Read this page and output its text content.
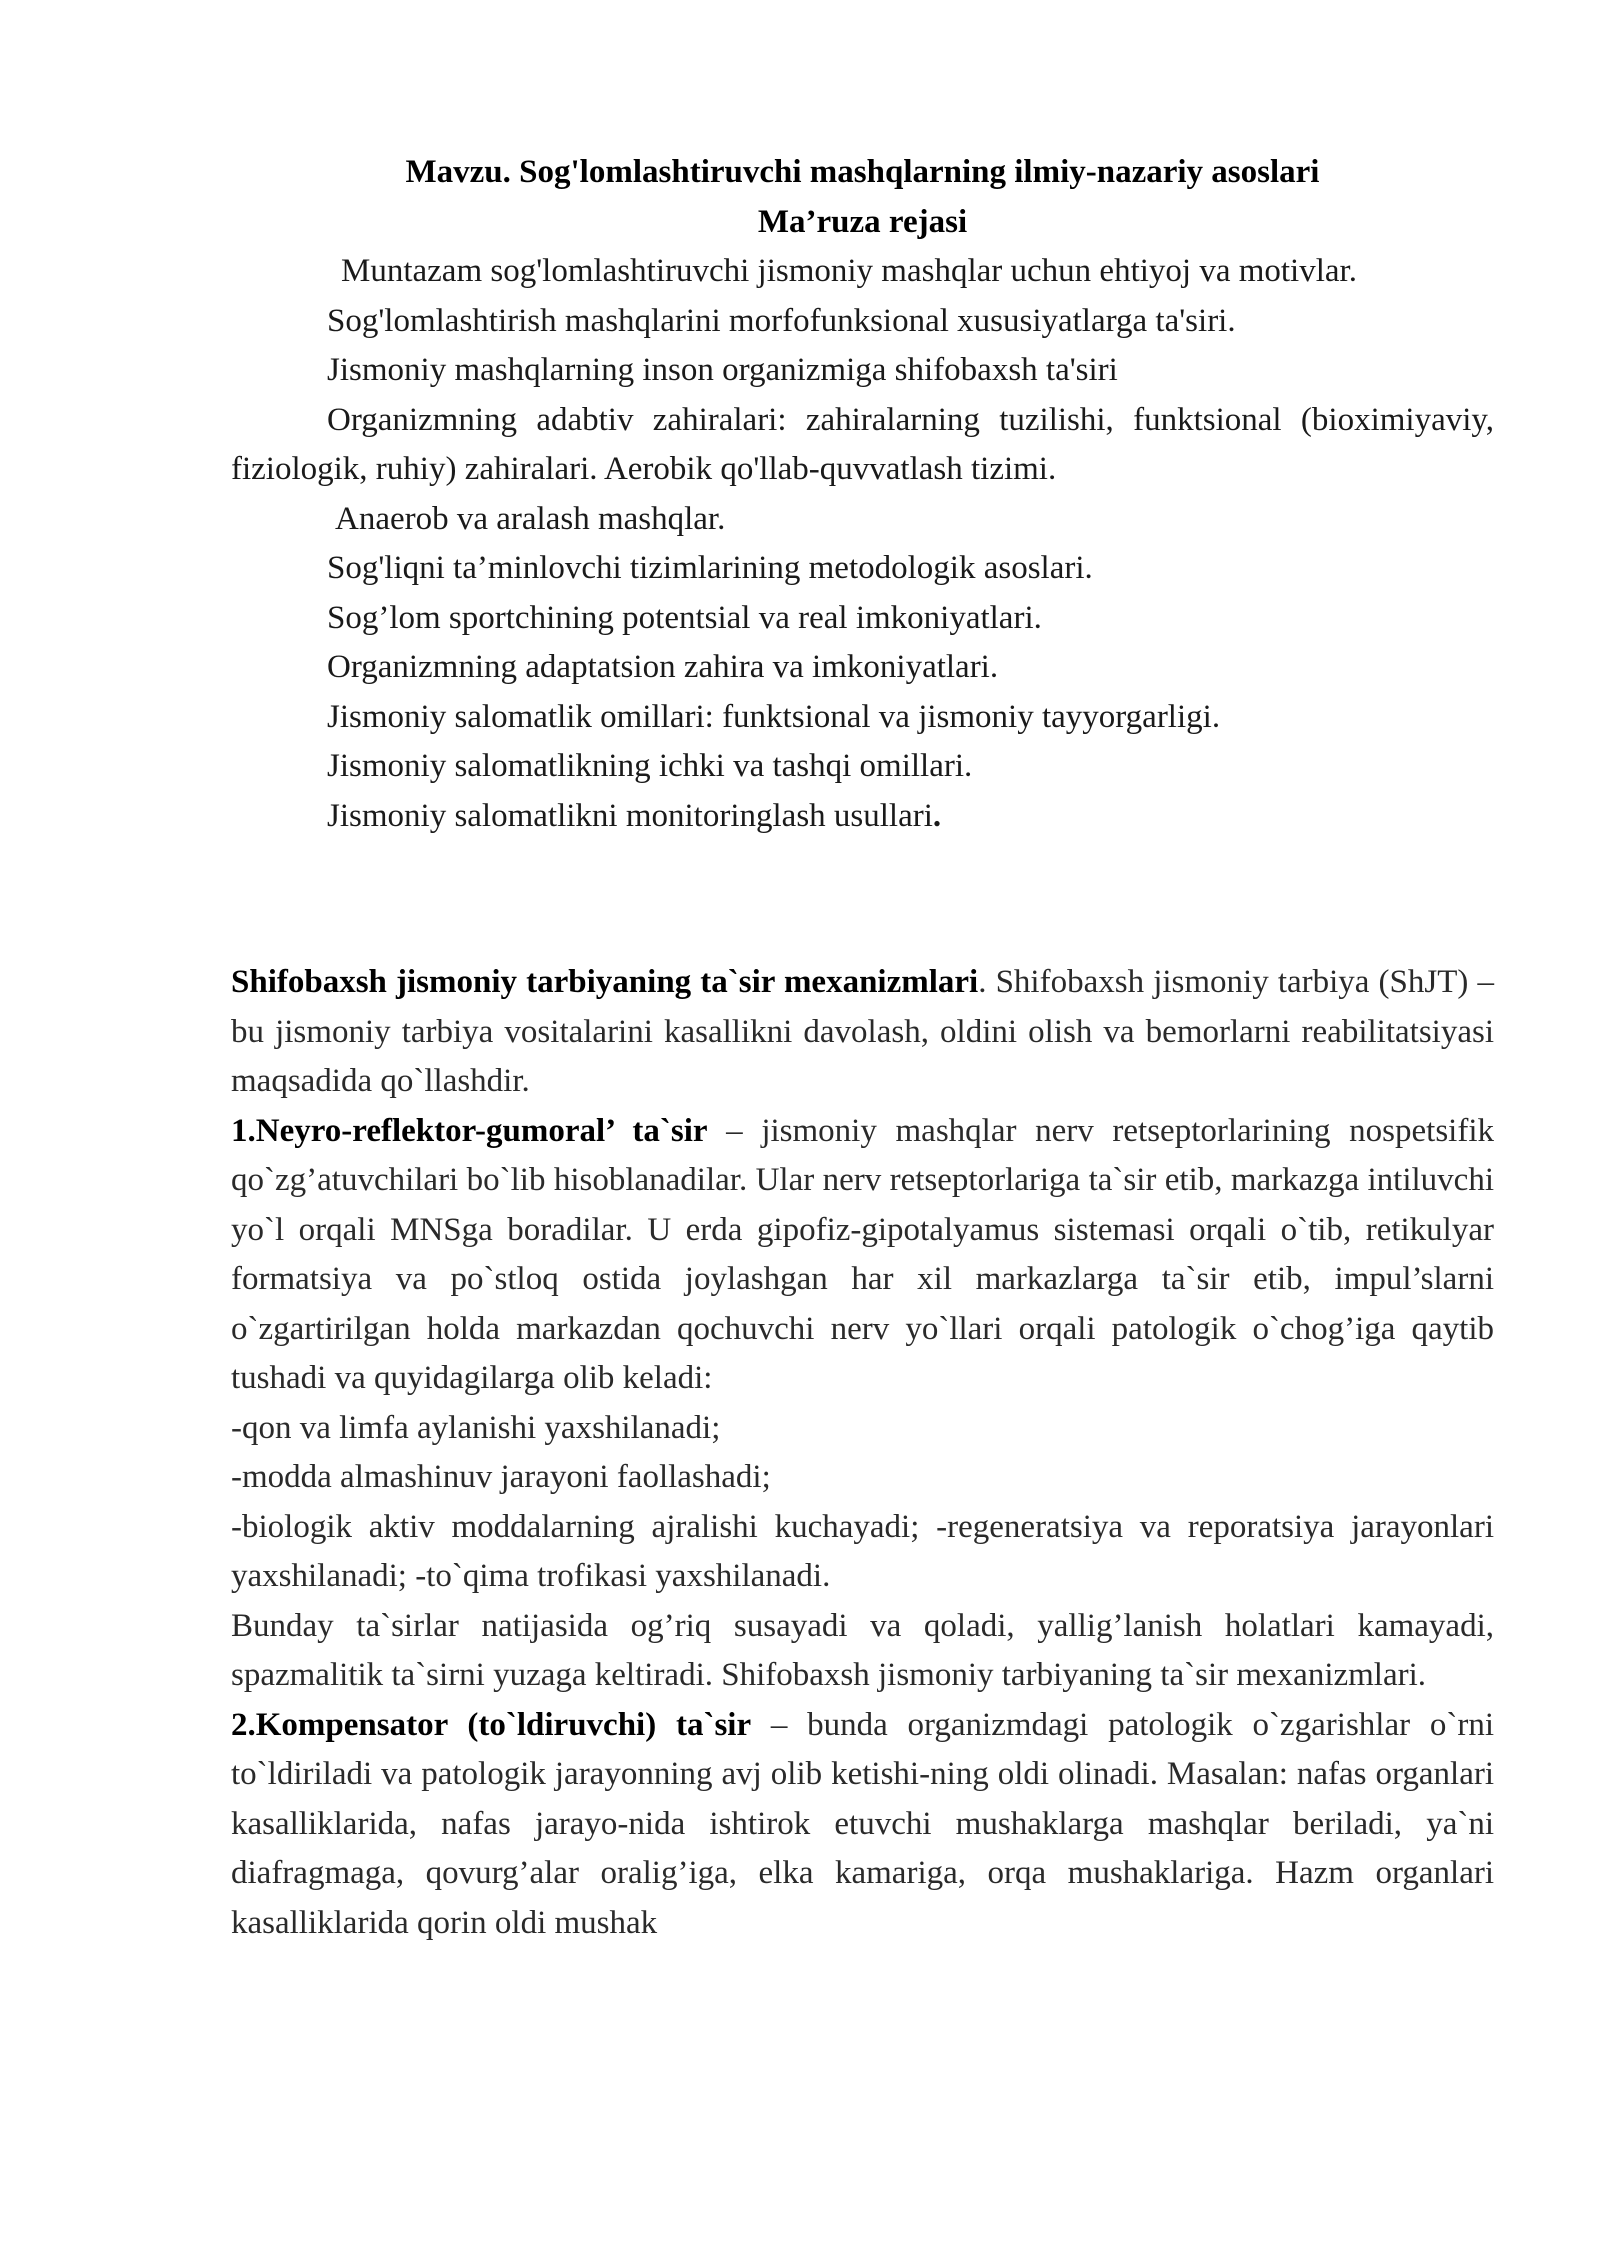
Mavzu. Sog'lomlashtiruvchi mashqlarning ilmiy-nazariy asoslari

Ma’ruza rejasi

Muntazam sog'lomlashtiruvchi jismoniy mashqlar uchun ehtiyoj va motivlar.

Sog'lomlashtirish mashqlarini morfofunksional xususiyatlarga ta'siri.

Jismoniy mashqlarning inson organizmiga shifobaxsh ta'siri

Organizmning adabtiv zahiralari: zahiralarning tuzilishi, funktsional (bioximiyaviy, fiziologik, ruhiy) zahiralari. Aerobik qo'llab-quvvatlash tizimi.

Anaerob va aralash mashqlar.

Sog'liqni ta’minlovchi tizimlarining metodologik asoslari.

Sog’lom sportchining potentsial va real imkoniyatlari.

Organizmning adaptatsion zahira va imkoniyatlari.

Jismoniy salomatlik omillari: funktsional va jismoniy tayyorgarligi.

Jismoniy salomatlikning ichki va tashqi omillari.

Jismoniy salomatlikni monitoringlash usullari.

Shifobaxsh jismoniy tarbiyaning ta`sir mexanizmlari. Shifobaxsh jismoniy tarbiya (ShJT) – bu jismoniy tarbiya vositalarini kasallikni davolash, oldini olish va bemorlarni reabilitatsiyasi maqsadida qo`llashdir.

1.Neyro-reflektor-gumoral’ ta`sir – jismoniy mashqlar nerv retseptorlarining nospetsifik qo`zg’atuvchilari bo`lib hisoblanadilar. Ular nerv retseptorlariga ta`sir etib, markazga intiluvchi yo`l orqali MNSga boradilar. U erda gipofiz-gipotalyamus sistemasi orqali o`tib, retikulyar formatsiya va po`stloq ostida joylashgan har xil markazlarga ta`sir etib, impul’slarni o`zgartirilgan holda markazdan qochuvchi nerv yo`llari orqali patologik o`chog’iga qaytib tushadi va quyidagilarga olib keladi:

-qon va limfa aylanishi yaxshilanadi;

-modda almashinuv jarayoni faollashadi;

-biologik aktiv moddalarning ajralishi kuchayadi; -regeneratsiya va reporatsiya jarayonlari yaxshilanadi; -to`qima trofikasi yaxshilanadi.

Bunday ta`sirlar natijasida og’riq susayadi va qoladi, yallig’lanish holatlari kamayadi, spazmalitik ta`sirni yuzaga keltiradi. Shifobaxsh jismoniy tarbiyaning ta`sir mexanizmlari.

2.Kompensator (to`ldiruvchi) ta`sir – bunda organizmdagi patologik o`zgarishlar o`rni to`ldiriladi va patologik jarayonning avj olib ketishi-ning oldi olinadi. Masalan: nafas organlari kasalliklarida, nafas jarayo-nida ishtirok etuvchi mushaklarga mashqlar beriladi, ya`ni diafragmaga, qovurg’alar oralig’iga, elka kamariga, orqa mushaklariga. Hazm organlari kasalliklarida qorin oldi mushak
